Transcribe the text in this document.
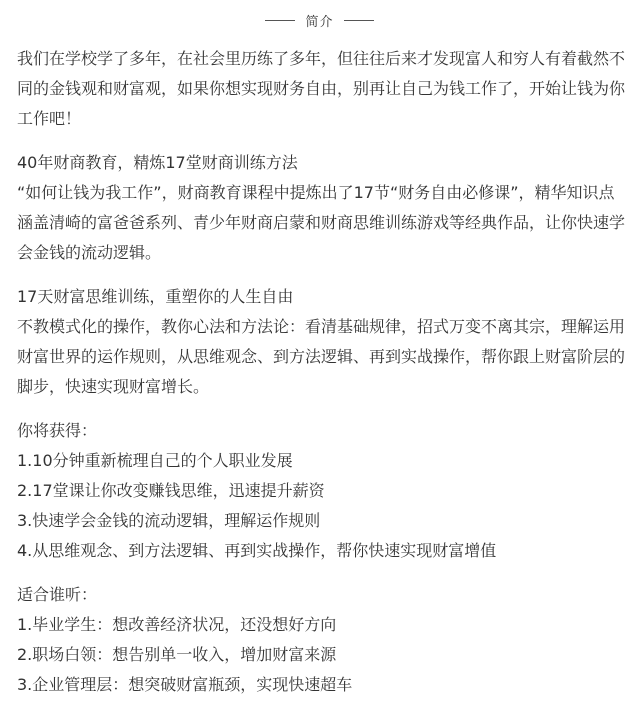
简介

我们在学校学了多年，在社会里历练了多年，但往往后来才发现富人和穷人有着截然不同的金钱观和财富观，如果你想实现财务自由，别再让自己为钱工作了，开始让钱为你工作吧！

40年财商教育，精炼17堂财商训练方法

“如何让钱为我工作”，财商教育课程中提炼出了17节“财务自由必修课”，精华知识点涵盖清崎的富爸爸系列、青少年财商启蒙和财商思维训练游戏等经典作品，让你快速学会金钱的流动逻辑。

17天财富思维训练，重塑你的人生自由

不教模式化的操作，教你心法和方法论：看清基础规律，招式万变不离其宗，理解运用财富世界的运作规则，从思维观念、到方法逻辑、再到实战操作，帮你跟上财富阶层的脚步，快速实现财富增长。

你将获得：

1.10分钟重新梳理自己的个人职业发展

2.17堂课让你改变赚钱思维，迅速提升薪资

3.快速学会金钱的流动逻辑，理解运作规则

4.从思维观念、到方法逻辑、再到实战操作，帮你快速实现财富增值

适合谁听：

1.毕业学生：想改善经济状况，还没想好方向

2.职场白领：想告别单一收入，增加财富来源

3.企业管理层：想突破财富瓶颈，实现快速超车
